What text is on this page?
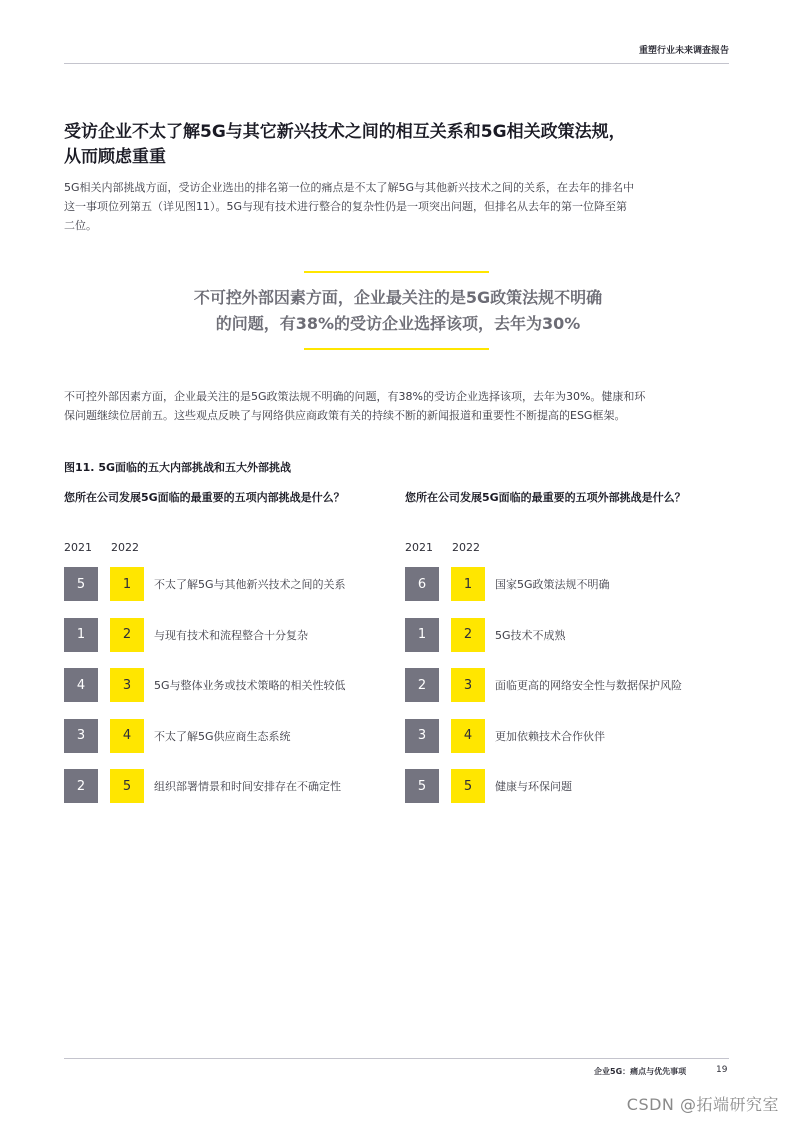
重塑行业未来调查报告
受访企业不太了解5G与其它新兴技术之间的相互关系和5G相关政策法规，
从而顾虑重重
5G相关内部挑战方面，受访企业选出的排名第一位的痛点是不太了解5G与其他新兴技术之间的关系，在去年的排名中
这一事项位列第五（详见图11）。5G与现有技术进行整合的复杂性仍是一项突出问题，但排名从去年的第一位降至第
二位。
不可控外部因素方面，企业最关注的是5G政策法规不明确
的问题，有38%的受访企业选择该项，去年为30%
不可控外部因素方面，企业最关注的是5G政策法规不明确的问题，有38%的受访企业选择该项，去年为30%。健康和环
保问题继续位居前五。这些观点反映了与网络供应商政策有关的持续不断的新闻报道和重要性不断提高的ESG框架。
图11. 5G面临的五大内部挑战和五大外部挑战
您所在公司发展5G面临的最重要的五项内部挑战是什么？
2021 2022
5	1	不太了解5G与其他新兴技术之间的关系
1	2	与现有技术和流程整合十分复杂
4	3	5G与整体业务或技术策略的相关性较低
3	4	不太了解5G供应商生态系统
2	5	组织部署情景和时间安排存在不确定性
您所在公司发展5G面临的最重要的五项外部挑战是什么？
2021 2022
6	1	国家5G政策法规不明确
1	2	5G技术不成熟
2	3	面临更高的网络安全性与数据保护风险
3	4	更加依赖技术合作伙伴
5	5	健康与环保问题
企业5G：痛点与优先事项	19
CSDN @拓端研究室
